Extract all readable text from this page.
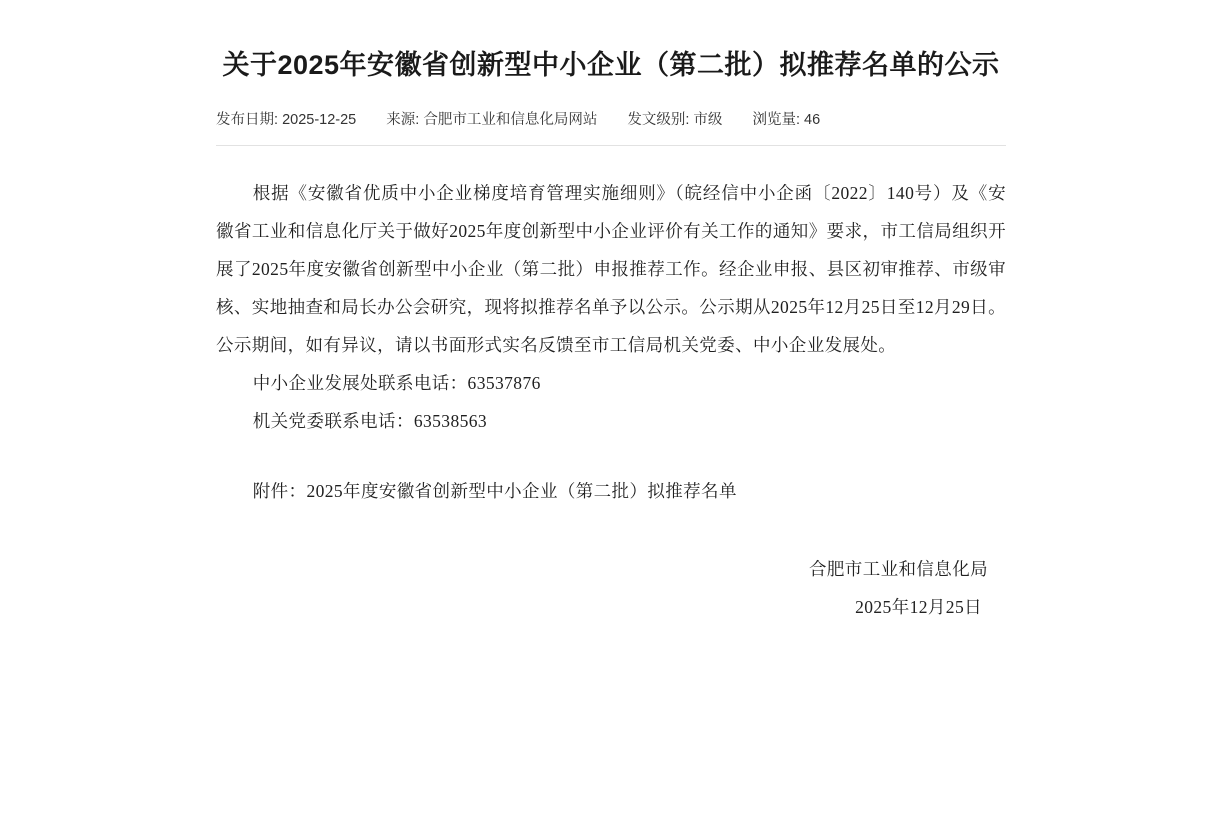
关于2025年安徽省创新型中小企业（第二批）拟推荐名单的公示
发布日期: 2025-12-25 来源: 合肥市工业和信息化局网站 发文级别: 市级 浏览量: 46

根据《安徽省优质中小企业梯度培育管理实施细则》（皖经信中小企函〔2022〕140号）及《安徽省工业和信息化厅关于做好2025年度创新型中小企业评价有关工作的通知》要求，市工信局组织开展了2025年度安徽省创新型中小企业（第二批）申报推荐工作。经企业申报、县区初审推荐、市级审核、实地抽查和局长办公会研究，现将拟推荐名单予以公示。公示期从2025年12月25日至12月29日。公示期间，如有异议，请以书面形式实名反馈至市工信局机关党委、中小企业发展处。

中小企业发展处联系电话：63537876
机关党委联系电话：63538563
附件：2025年度安徽省创新型中小企业（第二批）拟推荐名单
合肥市工业和信息化局
2025年12月25日
